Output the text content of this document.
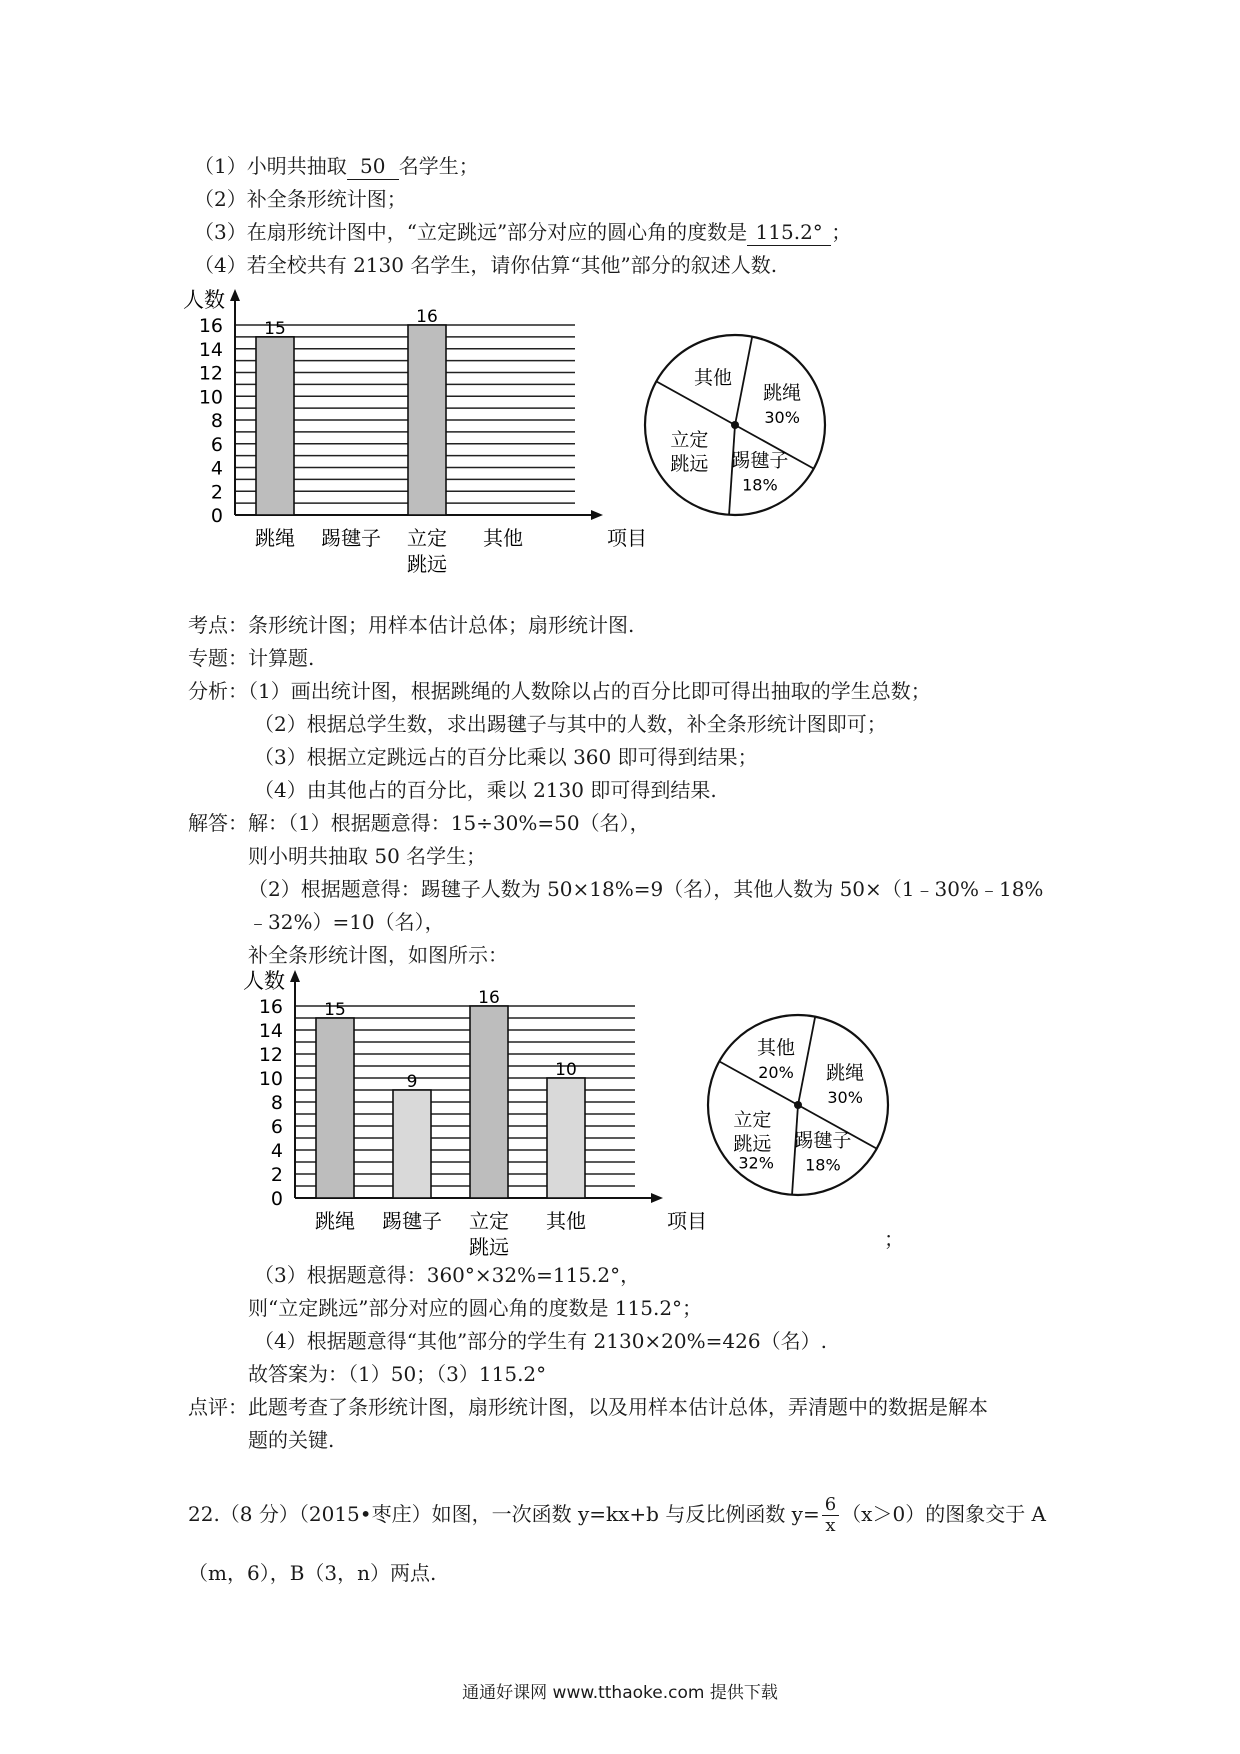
（1）小明共抽取 50 名学生；
（2）补全条形统计图；
（3）在扇形统计图中，“立定跳远”部分对应的圆心角的度数是 115.2° ；
（4）若全校共有 2130 名学生，请你估算“其他”部分的叙述人数.
0
2
4
6
8
10
12
14
16
人数
项目
15
跳绳 踢毽子
16
立定
跳远
其他
跳绳
30%
踢毽子
18%
立定
跳远
其他
考点：条形统计图；用样本估计总体；扇形统计图.
专题：计算题.
分析：（1）画出统计图，根据跳绳的人数除以占的百分比即可得出抽取的学生总数；
（2）根据总学生数，求出踢毽子与其中的人数，补全条形统计图即可；
（3）根据立定跳远占的百分比乘以 360 即可得到结果；
（4）由其他占的百分比，乘以 2130 即可得到结果.
解答：解：（1）根据题意得：15÷30%=50（名），
则小明共抽取 50 名学生；
（2）根据题意得：踢毽子人数为 50×18%=9（名），其他人数为 50×（1﹣30%﹣18%
﹣32%）=10（名），
补全条形统计图，如图所示：
0
2
4
6
8
10
12
14
16
人数
项目
15
跳绳
9
踢毽子
16
立定
跳远
10
其他
跳绳
30%
踢毽子
18%
立定
跳远
32%
其他
20%
；
（3）根据题意得：360°×32%=115.2°，
则“立定跳远”部分对应的圆心角的度数是 115.2°；
（4）根据题意得“其他”部分的学生有 2130×20%=426（名）.
故答案为：（1）50；（3）115.2°
点评：此题考查了条形统计图，扇形统计图，以及用样本估计总体，弄清题中的数据是解本
题的关键.
22.（8 分）（2015•枣庄）如图，一次函数 y=kx+b 与反比例函数 $y= \frac{6}{x} (x>0)$的图象交于 A
（m，6），B（3，n）两点.
通通好课网 www.tthaoke.com 提供下载
